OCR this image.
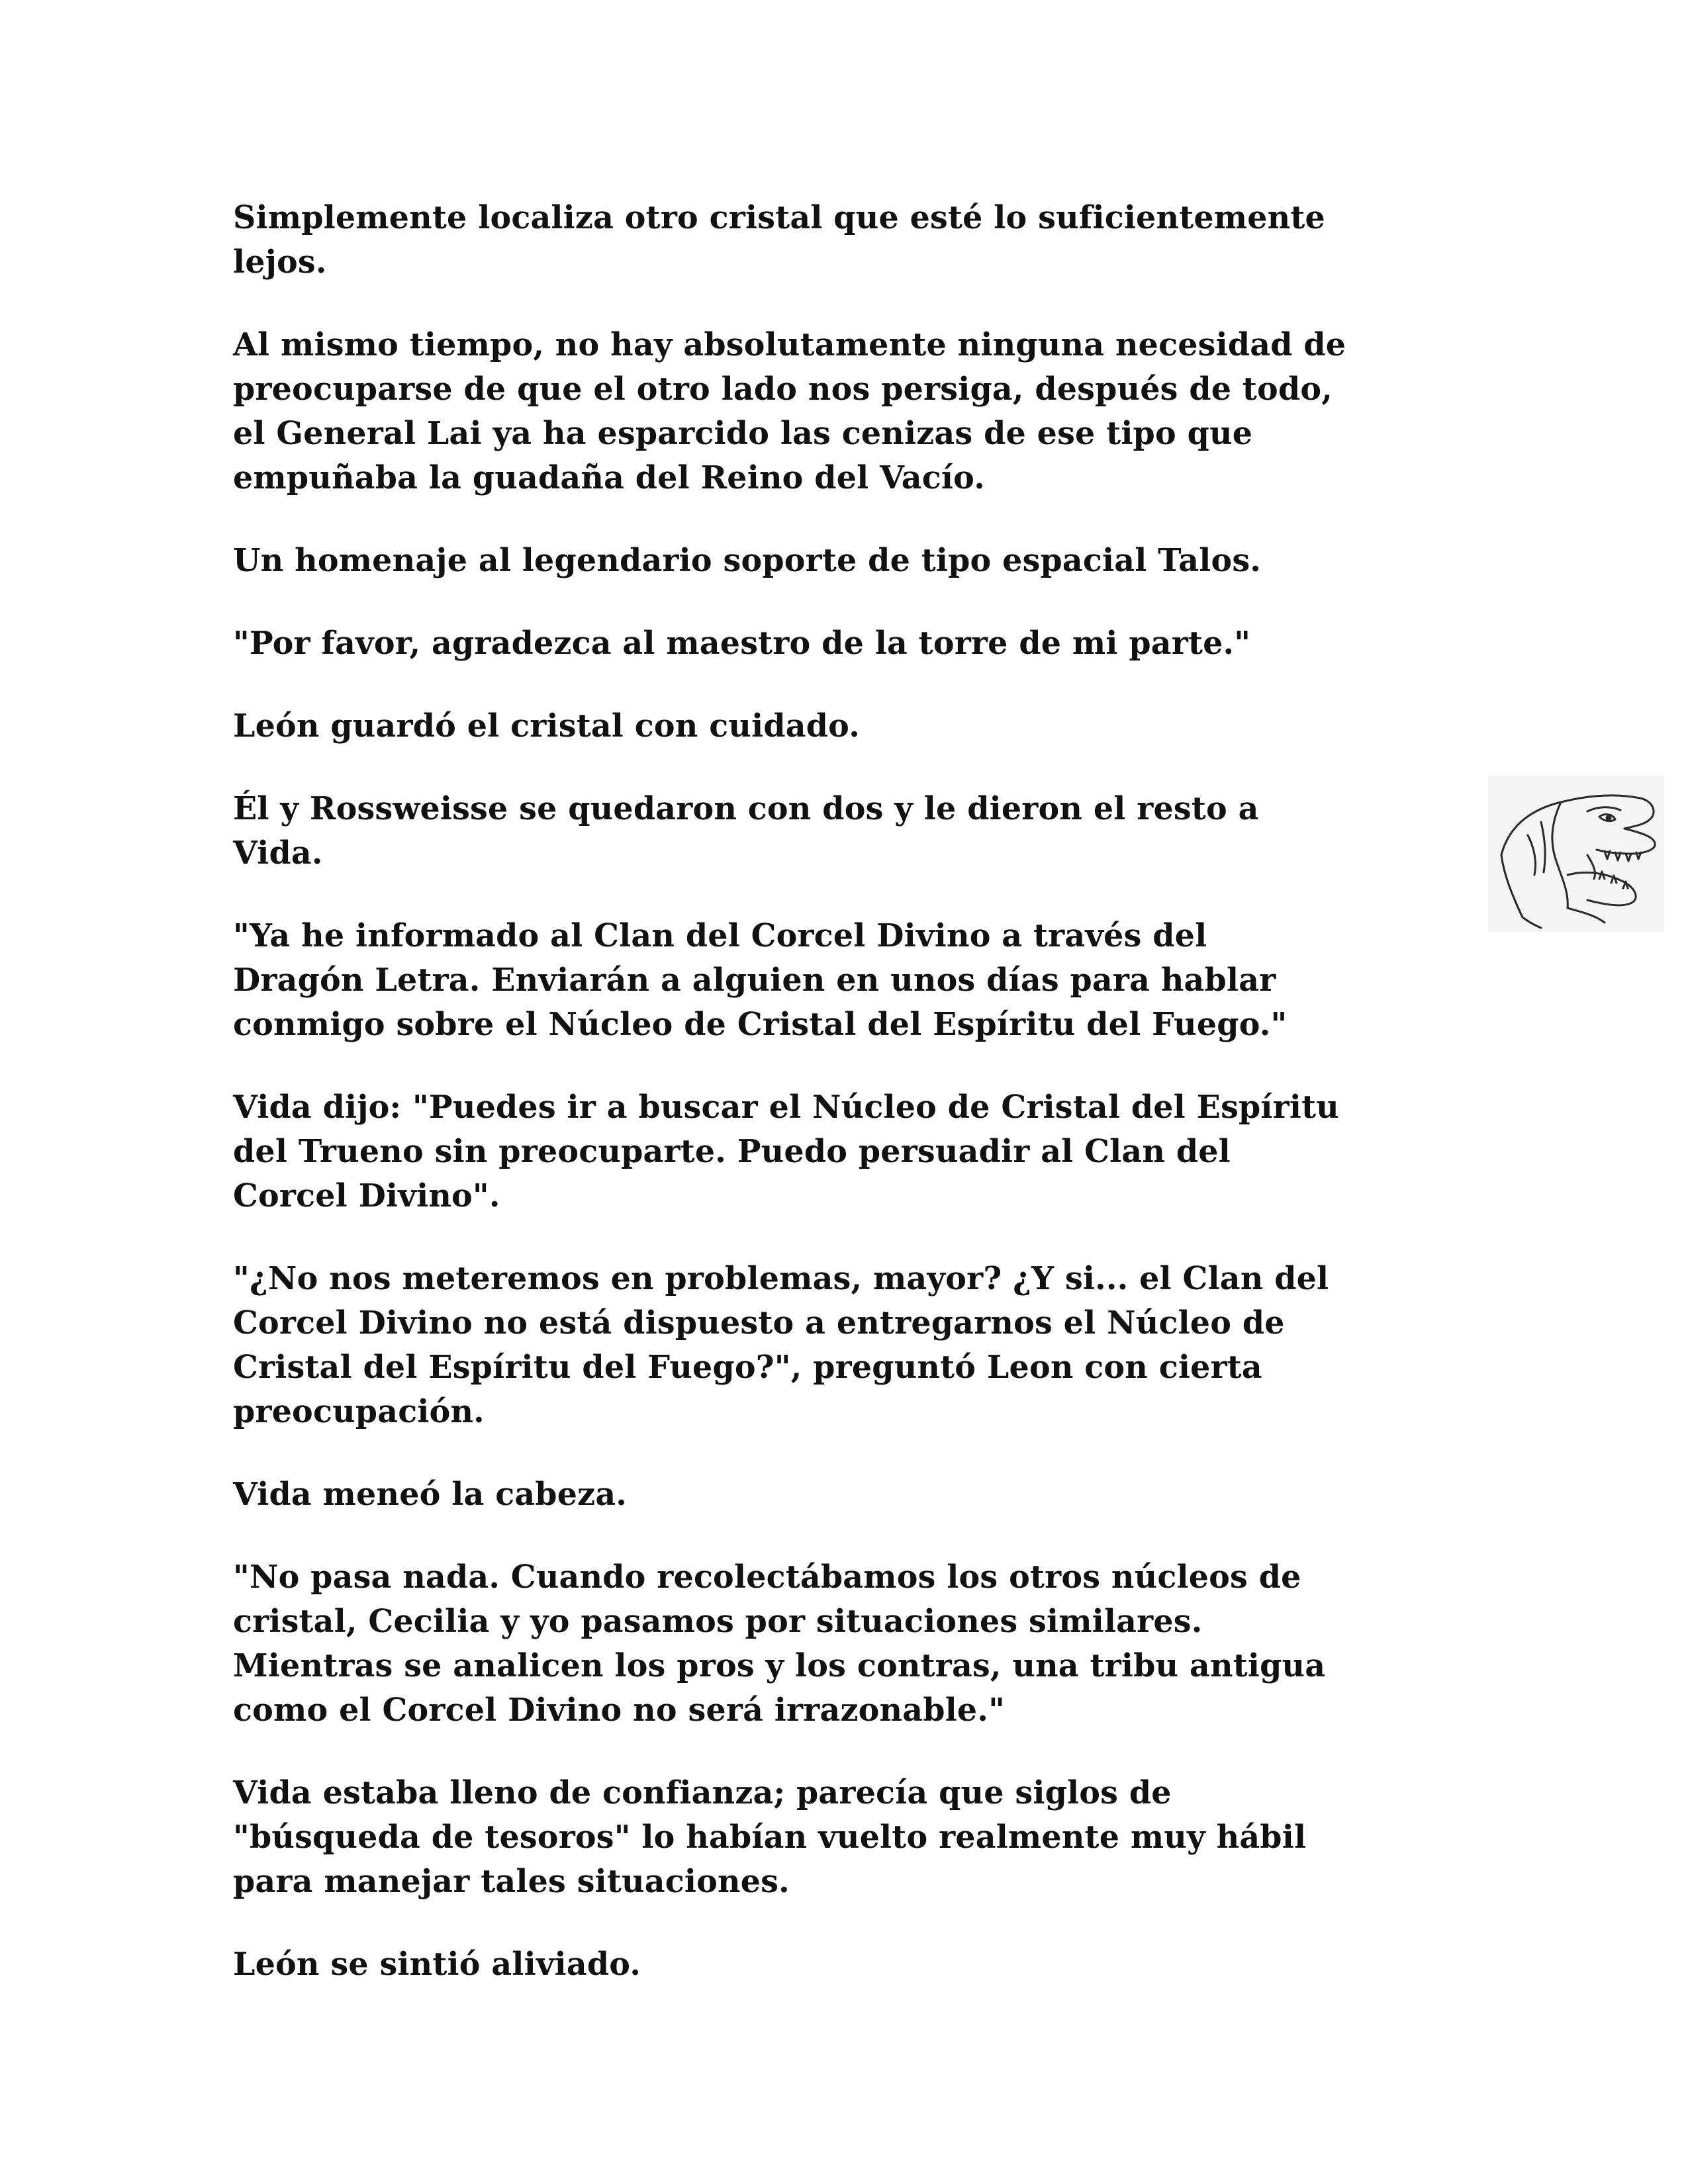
Simplemente localiza otro cristal que esté lo suficientemente
lejos.

Al mismo tiempo, no hay absolutamente ninguna necesidad de
preocuparse de que el otro lado nos persiga, después de todo,
el General Lai ya ha esparcido las cenizas de ese tipo que
empuñaba la guadaña del Reino del Vacío.

Un homenaje al legendario soporte de tipo espacial Talos.

"Por favor, agradezca al maestro de la torre de mi parte."

León guardó el cristal con cuidado.

Él y Rossweisse se quedaron con dos y le dieron el resto a
Vida.

"Ya he informado al Clan del Corcel Divino a través del
Dragón Letra. Enviarán a alguien en unos días para hablar
conmigo sobre el Núcleo de Cristal del Espíritu del Fuego."

Vida dijo: "Puedes ir a buscar el Núcleo de Cristal del Espíritu
del Trueno sin preocuparte. Puedo persuadir al Clan del
Corcel Divino".

"¿No nos meteremos en problemas, mayor? ¿Y si... el Clan del
Corcel Divino no está dispuesto a entregarnos el Núcleo de
Cristal del Espíritu del Fuego?", preguntó Leon con cierta
preocupación.

Vida meneó la cabeza.

"No pasa nada. Cuando recolectábamos los otros núcleos de
cristal, Cecilia y yo pasamos por situaciones similares.
Mientras se analicen los pros y los contras, una tribu antigua
como el Corcel Divino no será irrazonable."

Vida estaba lleno de confianza; parecía que siglos de
"búsqueda de tesoros" lo habían vuelto realmente muy hábil
para manejar tales situaciones.

León se sintió aliviado.
